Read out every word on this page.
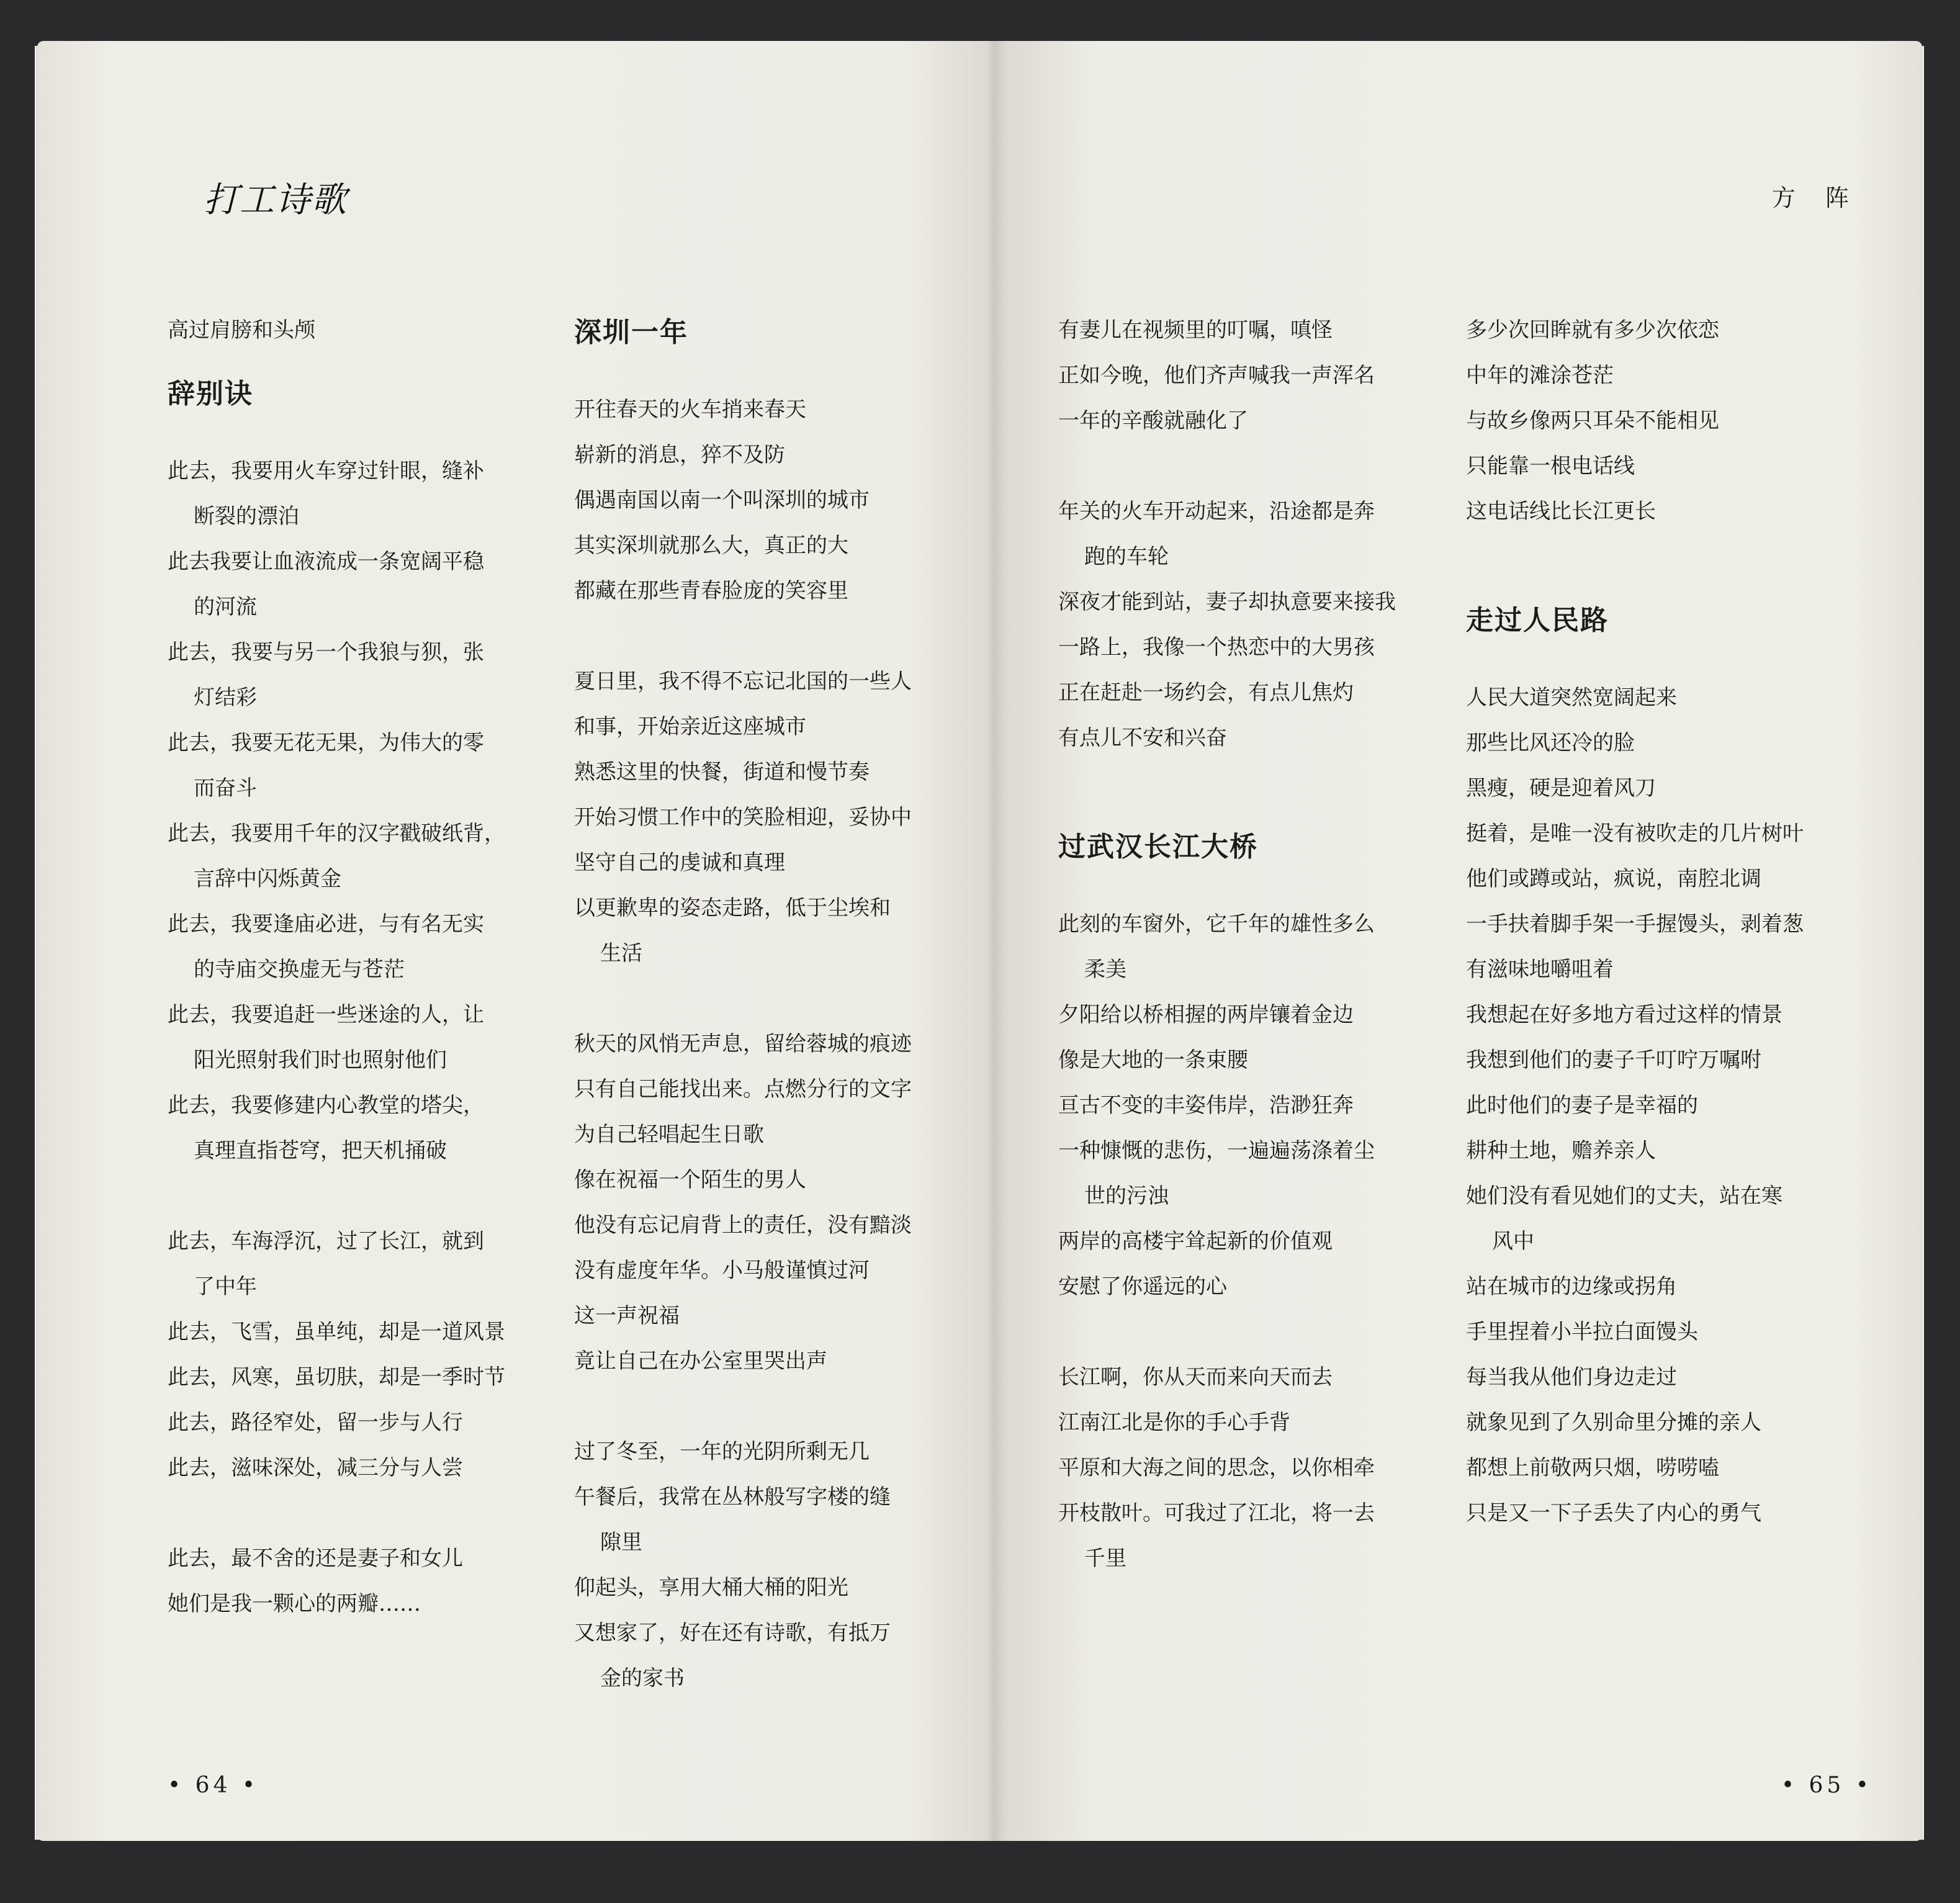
打工诗歌
高过肩膀和头颅
辞别诀
此去，我要用火车穿过针眼，缝补
断裂的漂泊
此去我要让血液流成一条宽阔平稳
的河流
此去，我要与另一个我狼与狈，张
灯结彩
此去，我要无花无果，为伟大的零
而奋斗
此去，我要用千年的汉字戳破纸背，
言辞中闪烁黄金
此去，我要逢庙必进，与有名无实
的寺庙交换虚无与苍茫
此去，我要追赶一些迷途的人，让
阳光照射我们时也照射他们
此去，我要修建内心教堂的塔尖，
真理直指苍穹，把天机捅破
此去，车海浮沉，过了长江，就到
了中年
此去，飞雪，虽单纯，却是一道风景
此去，风寒，虽切肤，却是一季时节
此去，路径窄处，留一步与人行
此去，滋味深处，减三分与人尝
此去，最不舍的还是妻子和女儿
她们是我一颗心的两瓣……
深圳一年
开往春天的火车捎来春天
崭新的消息，猝不及防
偶遇南国以南一个叫深圳的城市
其实深圳就那么大，真正的大
都藏在那些青春脸庞的笑容里
夏日里，我不得不忘记北国的一些人
和事，开始亲近这座城市
熟悉这里的快餐，街道和慢节奏
开始习惯工作中的笑脸相迎，妥协中
坚守自己的虔诚和真理
以更歉卑的姿态走路，低于尘埃和
生活
秋天的风悄无声息，留给蓉城的痕迹
只有自己能找出来。点燃分行的文字
为自己轻唱起生日歌
像在祝福一个陌生的男人
他没有忘记肩背上的责任，没有黯淡
没有虚度年华。小马般谨慎过河
这一声祝福
竟让自己在办公室里哭出声
过了冬至，一年的光阴所剩无几
午餐后，我常在丛林般写字楼的缝
隙里
仰起头，享用大桶大桶的阳光
又想家了，好在还有诗歌，有抵万
金的家书
• 64 •
方 阵
有妻儿在视频里的叮嘱，嗔怪
正如今晚，他们齐声喊我一声浑名
一年的辛酸就融化了
年关的火车开动起来，沿途都是奔
跑的车轮
深夜才能到站，妻子却执意要来接我
一路上，我像一个热恋中的大男孩
正在赶赴一场约会，有点儿焦灼
有点儿不安和兴奋
过武汉长江大桥
此刻的车窗外，它千年的雄性多么
柔美
夕阳给以桥相握的两岸镶着金边
像是大地的一条束腰
亘古不变的丰姿伟岸，浩渺狂奔
一种慷慨的悲伤，一遍遍荡涤着尘
世的污浊
两岸的高楼宇耸起新的价值观
安慰了你遥远的心
长江啊，你从天而来向天而去
江南江北是你的手心手背
平原和大海之间的思念，以你相牵
开枝散叶。可我过了江北，将一去
千里
多少次回眸就有多少次依恋
中年的滩涂苍茫
与故乡像两只耳朵不能相见
只能靠一根电话线
这电话线比长江更长
走过人民路
人民大道突然宽阔起来
那些比风还冷的脸
黑瘦，硬是迎着风刀
挺着，是唯一没有被吹走的几片树叶
他们或蹲或站，疯说，南腔北调
一手扶着脚手架一手握馒头，剥着葱
有滋味地嚼咀着
我想起在好多地方看过这样的情景
我想到他们的妻子千叮咛万嘱咐
此时他们的妻子是幸福的
耕种土地，赡养亲人
她们没有看见她们的丈夫，站在寒
风中
站在城市的边缘或拐角
手里捏着小半拉白面馒头
每当我从他们身边走过
就象见到了久别命里分摊的亲人
都想上前敬两只烟，唠唠嗑
只是又一下子丢失了内心的勇气
• 65 •
